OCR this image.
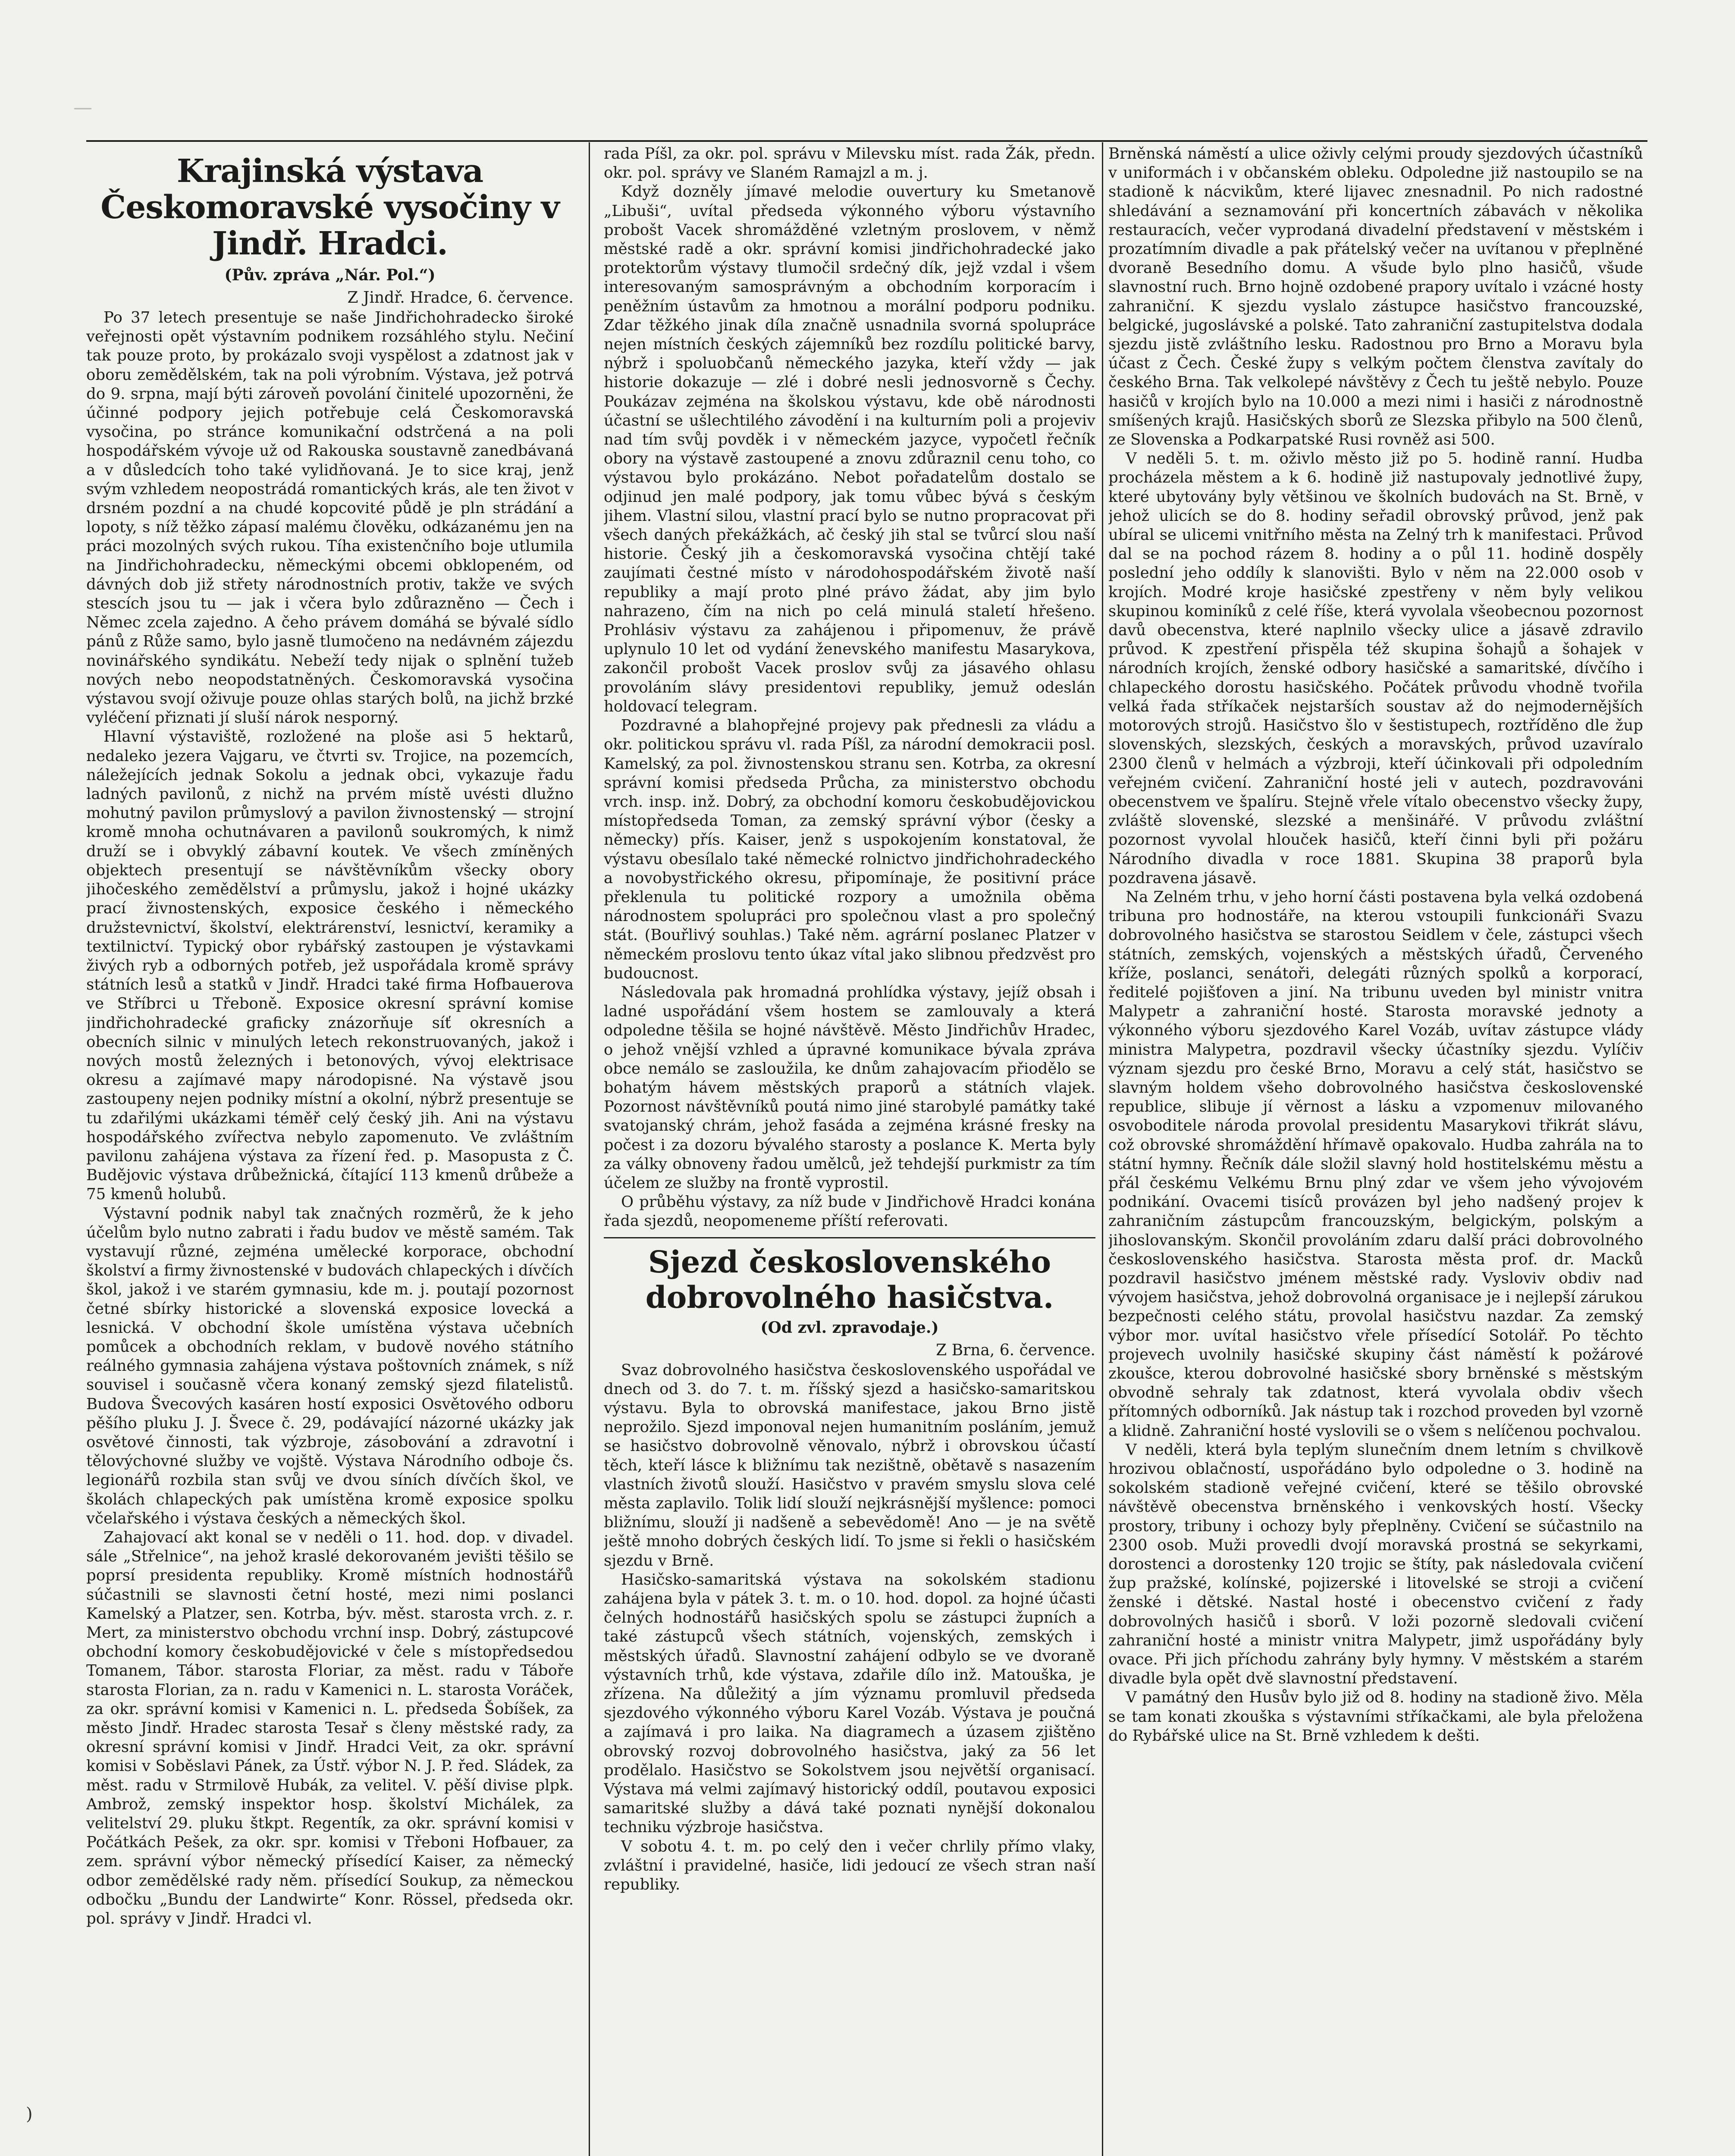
—
Krajinská výstava Českomoravské vysočiny v Jindř. Hradci.
(Pův. zpráva „Nár. Pol.“)

Z Jindř. Hradce, 6. července.

Po 37 letech presentuje se naše Jindřichohradecko široké veřejnosti opět výstavním podnikem rozsáhlého stylu. Nečiní tak pouze proto, by prokázalo svoji vyspělost a zdatnost jak v oboru zemědělském, tak na poli výrobním. Výstava, jež potrvá do 9. srpna, mají býti zároveň povolání činitelé upozorněni, že účinné podpory jejich potřebuje celá Českomoravská vysočina, po stránce komunikační odstrčená a na poli hospodářském vývoje už od Rakouska soustavně zanedbávaná a v důsledcích toho také vylidňovaná. Je to sice kraj, jenž svým vzhledem neopostrádá romantických krás, ale ten život v drsném pozdní a na chudé kopcovité půdě je pln strádání a lopoty, s níž těžko zápasí malému člověku, odkázanému jen na práci mozolných svých rukou. Tíha existenčního boje utlumila na Jindřichohradecku, německými obcemi obklopeném, od dávných dob již střety národnostních protiv, takže ve svých stescích jsou tu — jak i včera bylo zdůrazněno — Čech i Němec zcela zajedno. A čeho právem domáhá se bývalé sídlo pánů z Růže samo, bylo jasně tlumočeno na nedávném zájezdu novinářského syndikátu. Nebeží tedy nijak o splnění tužeb nových nebo neopodstatněných. Českomoravská vysočina výstavou svojí oživuje pouze ohlas starých bolů, na jichž brzké vyléčení přiznati jí sluší nárok nesporný.

Hlavní výstaviště, rozložené na ploše asi 5 hektarů, nedaleko jezera Vajgaru, ve čtvrti sv. Trojice, na pozemcích, náležejících jednak Sokolu a jednak obci, vykazuje řadu ladných pavilonů, z nichž na prvém místě uvésti dlužno mohutný pavilon průmyslový a pavilon živnostenský — strojní kromě mnoha ochutnávaren a pavilonů soukromých, k nimž druží se i obvyklý zábavní koutek. Ve všech zmíněných objektech presentují se návštěvníkům všecky obory jihočeského zemědělství a průmyslu, jakož i hojné ukázky prací živnostenských, exposice českého i německého družstevnictví, školství, elektrárenství, lesnictví, keramiky a textilnictví. Typický obor rybářský zastoupen je výstavkami živých ryb a odborných potřeb, jež uspořádala kromě správy státních lesů a statků v Jindř. Hradci také firma Hofbauerova ve Stříbrci u Třeboně. Exposice okresní správní komise jindřichohradecké graficky znázorňuje síť okresních a obecních silnic v minulých letech rekonstruovaných, jakož i nových mostů železných i betonových, vývoj elektrisace okresu a zajímavé mapy národopisné. Na výstavě jsou zastoupeny nejen podniky místní a okolní, nýbrž presentuje se tu zdařilými ukázkami téměř celý český jih. Ani na výstavu hospodářského zvířectva nebylo zapomenuto. Ve zvláštním pavilonu zahájena výstava za řízení řed. p. Masopusta z Č. Budějovic výstava drůbežnická, čítající 113 kmenů drůbeže a 75 kmenů holubů.

Výstavní podnik nabyl tak značných rozměrů, že k jeho účelům bylo nutno zabrati i řadu budov ve městě samém. Tak vystavují různé, zejména umělecké korporace, obchodní školství a firmy živnostenské v budovách chlapeckých i dívčích škol, jakož i ve starém gymnasiu, kde m. j. poutají pozornost četné sbírky historické a slovenská exposice lovecká a lesnická. V obchodní škole umístěna výstava učebních pomůcek a obchodních reklam, v budově nového státního reálného gymnasia zahájena výstava poštovních známek, s níž souvisel i současně včera konaný zemský sjezd filatelistů. Budova Švecových kasáren hostí exposici Osvětového odboru pěšího pluku J. J. Švece č. 29, podávající názorné ukázky jak osvětové činnosti, tak výzbroje, zásobování a zdravotní i tělovýchovné služby ve vojště. Výstava Národního odboje čs. legionářů rozbila stan svůj ve dvou síních dívčích škol, ve školách chlapeckých pak umístěna kromě exposice spolku včelařského i výstava českých a německých škol.

Zahajovací akt konal se v neděli o 11. hod. dop. v divadel. sále „Střelnice“, na jehož kraslé dekorovaném jevišti těšilo se poprsí presidenta republiky. Kromě místních hodnostářů súčastnili se slavnosti četní hosté, mezi nimi poslanci Kamelský a Platzer, sen. Kotrba, býv. měst. starosta vrch. z. r. Mert, za ministerstvo obchodu vrchní insp. Dobrý, zástupcové obchodní komory českobudějovické v čele s místopředsedou Tomanem, Tábor. starosta Floriar, za měst. radu v Táboře starosta Florian, za n. radu v Kamenici n. L. starosta Voráček, za okr. správní komisi v Kamenici n. L. předseda Šobíšek, za město Jindř. Hradec starosta Tesař s členy městské rady, za okresní správní komisi v Jindř. Hradci Veit, za okr. správní komisi v Soběslavi Pánek, za Ústř. výbor N. J. P. řed. Sládek, za měst. radu v Strmilově Hubák, za velitel. V. pěší divise plpk. Ambrož, zemský inspektor hosp. školství Michálek, za velitelství 29. pluku štkpt. Regentík, za okr. správní komisi v Počátkách Pešek, za okr. spr. komisi v Třeboni Hofbauer, za zem. správní výbor německý přísedící Kaiser, za německý odbor zemědělské rady něm. přísedící Soukup, za německou odbočku „Bundu der Landwirte“ Konr. Rössel, předseda okr. pol. správy v Jindř. Hradci vl.

rada Píšl, za okr. pol. správu v Milevsku míst. rada Žák, předn. okr. pol. správy ve Slaném Ramajzl a m. j.

Když dozněly jímavé melodie ouvertury ku Smetanově „Libuši“, uvítal předseda výkonného výboru výstavního probošt Vacek shromážděné vzletným proslovem, v němž městské radě a okr. správní komisi jindřichohradecké jako protektorům výstavy tlumočil srdečný dík, jejž vzdal i všem interesovaným samosprávným a obchodním korporacím i peněžním ústavům za hmotnou a morální podporu podniku. Zdar těžkého jinak díla značně usnadnila svorná spolupráce nejen místních českých zájemníků bez rozdílu politické barvy, nýbrž i spoluobčanů německého jazyka, kteří vždy — jak historie dokazuje — zlé i dobré nesli jednosvorně s Čechy. Poukázav zejména na školskou výstavu, kde obě národnosti účastní se ušlechtilého závodění i na kulturním poli a projeviv nad tím svůj povděk i v německém jazyce, vypočetl řečník obory na výstavě zastoupené a znovu zdůraznil cenu toho, co výstavou bylo prokázáno. Nebot pořadatelům dostalo se odjinud jen malé podpory, jak tomu vůbec bývá s českým jihem. Vlastní silou, vlastní prací bylo se nutno propracovat při všech daných překážkách, ač český jih stal se tvůrcí slou naší historie. Český jih a českomoravská vysočina chtějí také zaujímati čestné místo v národohospodářském životě naší republiky a mají proto plné právo žádat, aby jim bylo nahrazeno, čím na nich po celá minulá staletí hřešeno. Prohlásiv výstavu za zahájenou i připomenuv, že právě uplynulo 10 let od vydání ženevského manifestu Masarykova, zakončil probošt Vacek proslov svůj za jásavého ohlasu provoláním slávy presidentovi republiky, jemuž odeslán holdovací telegram.

Pozdravné a blahopřejné projevy pak přednesli za vládu a okr. politickou správu vl. rada Píšl, za národní demokracii posl. Kamelský, za pol. živnostenskou stranu sen. Kotrba, za okresní správní komisi předseda Průcha, za ministerstvo obchodu vrch. insp. inž. Dobrý, za obchodní komoru českobudějovickou místopředseda Toman, za zemský správní výbor (česky a německy) přís. Kaiser, jenž s uspokojením konstatoval, že výstavu obesílalo také německé rolnictvo jindřichohradeckého a novobystřického okresu, připomínaje, že positivní práce překlenula tu politické rozpory a umožnila oběma národnostem spolupráci pro společnou vlast a pro společný stát. (Bouřlivý souhlas.) Také něm. agrární poslanec Platzer v německém proslovu tento úkaz vítal jako slibnou předzvěst pro budoucnost.

Následovala pak hromadná prohlídka výstavy, jejíž obsah i ladné uspořádání všem hostem se zamlouvaly a která odpoledne těšila se hojné návštěvě. Město Jindřichův Hradec, o jehož vnější vzhled a úpravné komunikace bývala zpráva obce nemálo se zasloužila, ke dnům zahajovacím přiodělo se bohatým hávem městských praporů a státních vlajek. Pozornost návštěvníků poutá nimo jiné starobylé památky také svatojanský chrám, jehož fasáda a zejména krásné fresky na počest i za dozoru bývalého starosty a poslance K. Merta byly za války obnoveny řadou umělců, jež tehdejší purkmistr za tím účelem ze služby na frontě vyprostil.

O průběhu výstavy, za níž bude v Jindřichově Hradci konána řada sjezdů, neopomeneme příští referovati.

Sjezd československého dobrovolného hasičstva.
(Od zvl. zpravodaje.)

Z Brna, 6. července.

Svaz dobrovolného hasičstva československého uspořádal ve dnech od 3. do 7. t. m. říšský sjezd a hasičsko-samaritskou výstavu. Byla to obrovská manifestace, jakou Brno jistě neprožilo. Sjezd imponoval nejen humanitním posláním, jemuž se hasičstvo dobrovolně věnovalo, nýbrž i obrovskou účastí těch, kteří lásce k bližnímu tak nezištně, obětavě s nasazením vlastních životů slouží. Hasičstvo v pravém smyslu slova celé města zaplavilo. Tolik lidí slouží nejkrásnější myšlence: pomoci bližnímu, slouží ji nadšeně a sebevědomě! Ano — je na světě ještě mnoho dobrých českých lidí. To jsme si řekli o hasičském sjezdu v Brně.

Hasičsko-samaritská výstava na sokolském stadionu zahájena byla v pátek 3. t. m. o 10. hod. dopol. za hojné účasti čelných hodnostářů hasičských spolu se zástupci župních a také zástupců všech státních, vojenských, zemských i městských úřadů. Slavnostní zahájení odbylo se ve dvoraně výstavních trhů, kde výstava, zdařile dílo inž. Matouška, je zřízena. Na důležitý a jím významu promluvil předseda sjezdového výkonného výboru Karel Vozáb. Výstava je poučná a zajímavá i pro laika. Na diagramech a úzasem zjištěno obrovský rozvoj dobrovolného hasičstva, jaký za 56 let prodělalo. Hasičstvo se Sokolstvem jsou největší organisací. Výstava má velmi zajímavý historický oddíl, poutavou exposici samaritské služby a dává také poznati nynější dokonalou techniku výzbroje hasičstva.

V sobotu 4. t. m. po celý den i večer chrlily přímo vlaky, zvláštní i pravidelné, hasiče, lidi jedoucí ze všech stran naší republiky.

Brněnská náměstí a ulice oživly celými proudy sjezdových účastníků v uniformách i v občanském obleku. Odpoledne již nastoupilo se na stadioně k nácvikům, které lijavec znesnadnil. Po nich radostné shledávání a seznamování při koncertních zábavách v několika restauracích, večer vyprodaná divadelní představení v městském i prozatímním divadle a pak přátelský večer na uvítanou v přeplněné dvoraně Besedního domu. A všude bylo plno hasičů, všude slavnostní ruch. Brno hojně ozdobené prapory uvítalo i vzácné hosty zahraniční. K sjezdu vyslalo zástupce hasičstvo francouzské, belgické, jugoslávské a polské. Tato zahraniční zastupitelstva dodala sjezdu jistě zvláštního lesku. Radostnou pro Brno a Moravu byla účast z Čech. České župy s velkým počtem členstva zavítaly do českého Brna. Tak velkolepé návštěvy z Čech tu ještě nebylo. Pouze hasičů v krojích bylo na 10.000 a mezi nimi i hasiči z národnostně smíšených krajů. Hasičských sborů ze Slezska přibylo na 500 členů, ze Slovenska a Podkarpatské Rusi rovněž asi 500.

V neděli 5. t. m. oživlo město již po 5. hodině ranní. Hudba procházela městem a k 6. hodině již nastupovaly jednotlivé župy, které ubytovány byly většinou ve školních budovách na St. Brně, v jehož ulicích se do 8. hodiny seřadil obrovský průvod, jenž pak ubíral se ulicemi vnitřního města na Zelný trh k manifestaci. Průvod dal se na pochod rázem 8. hodiny a o půl 11. hodině dospěly poslední jeho oddíly k slanovišti. Bylo v něm na 22.000 osob v krojích. Modré kroje hasičské zpestřeny v něm byly velikou skupinou kominíků z celé říše, která vyvolala všeobecnou pozornost davů obecenstva, které naplnilo všecky ulice a jásavě zdravilo průvod. K zpestření přispěla též skupina šohajů a šohajek v národních krojích, ženské odbory hasičské a samaritské, dívčího i chlapeckého dorostu hasičského. Počátek průvodu vhodně tvořila velká řada stříkaček nejstarších soustav až do nejmodernějších motorových strojů. Hasičstvo šlo v šestistupech, roztříděno dle žup slovenských, slezských, českých a moravských, průvod uzavíralo 2300 členů v helmách a výzbroji, kteří účinkovali při odpoledním veřejném cvičení. Zahraniční hosté jeli v autech, pozdravováni obecenstvem ve špalíru. Stejně vřele vítalo obecenstvo všecky župy, zvláště slovenské, slezské a menšinářé. V průvodu zvláštní pozornost vyvolal hlouček hasičů, kteří činni byli při požáru Národního divadla v roce 1881. Skupina 38 praporů byla pozdravena jásavě.

Na Zelném trhu, v jeho horní části postavena byla velká ozdobená tribuna pro hodnostáře, na kterou vstoupili funkcionáři Svazu dobrovolného hasičstva se starostou Seidlem v čele, zástupci všech státních, zemských, vojenských a městských úřadů, Červeného kříže, poslanci, senátoři, delegáti různých spolků a korporací, ředitelé pojišťoven a jiní. Na tribunu uveden byl ministr vnitra Malypetr a zahraniční hosté. Starosta moravské jednoty a výkonného výboru sjezdového Karel Vozáb, uvítav zástupce vlády ministra Malypetra, pozdravil všecky účastníky sjezdu. Vylíčiv význam sjezdu pro české Brno, Moravu a celý stát, hasičstvo se slavným holdem všeho dobrovolného hasičstva československé republice, slibuje jí věrnost a lásku a vzpomenuv milovaného osvoboditele národa provolal presidentu Masarykovi třikrát slávu, což obrovské shromáždění hřímavě opakovalo. Hudba zahrála na to státní hymny. Řečník dále složil slavný hold hostitelskému městu a přál českému Velkému Brnu plný zdar ve všem jeho vývojovém podnikání. Ovacemi tisíců provázen byl jeho nadšený projev k zahraničním zástupcům francouzským, belgickým, polským a jihoslovanským. Skončil provoláním zdaru další práci dobrovolného československého hasičstva. Starosta města prof. dr. Macků pozdravil hasičstvo jménem městské rady. Vysloviv obdiv nad vývojem hasičstva, jehož dobrovolná organisace je i nejlepší zárukou bezpečnosti celého státu, provolal hasičstvu nazdar. Za zemský výbor mor. uvítal hasičstvo vřele přísedící Sotolář. Po těchto projevech uvolnily hasičské skupiny část náměstí k požárové zkoušce, kterou dobrovolné hasičské sbory brněnské s městským obvodně sehraly tak zdatnost, která vyvolala obdiv všech přítomných odborníků. Jak nástup tak i rozchod proveden byl vzorně a klidně. Zahraniční hosté vyslovili se o všem s nelíčenou pochvalou.

V neděli, která byla teplým slunečním dnem letním s chvilkově hrozivou oblačností, uspořádáno bylo odpoledne o 3. hodině na sokolském stadioně veřejné cvičení, které se těšilo obrovské návštěvě obecenstva brněnského i venkovských hostí. Všecky prostory, tribuny i ochozy byly přeplněny. Cvičení se súčastnilo na 2300 osob. Muži provedli dvojí moravská prostná se sekyrkami, dorostenci a dorostenky 120 trojic se štíty, pak následovala cvičení žup pražské, kolínské, pojizerské i litovelské se stroji a cvičení ženské i dětské. Nastal hosté i obecenstvo cvičení z řady dobrovolných hasičů i sborů. V loži pozorně sledovali cvičení zahraniční hosté a ministr vnitra Malypetr, jimž uspořádány byly ovace. Při jich příchodu zahrány byly hymny. V městském a starém divadle byla opět dvě slavnostní představení.

V památný den Husův bylo již od 8. hodiny na stadioně živo. Měla se tam konati zkouška s výstavními stříkačkami, ale byla přeložena do Rybářské ulice na St. Brně vzhledem k dešti.

)
